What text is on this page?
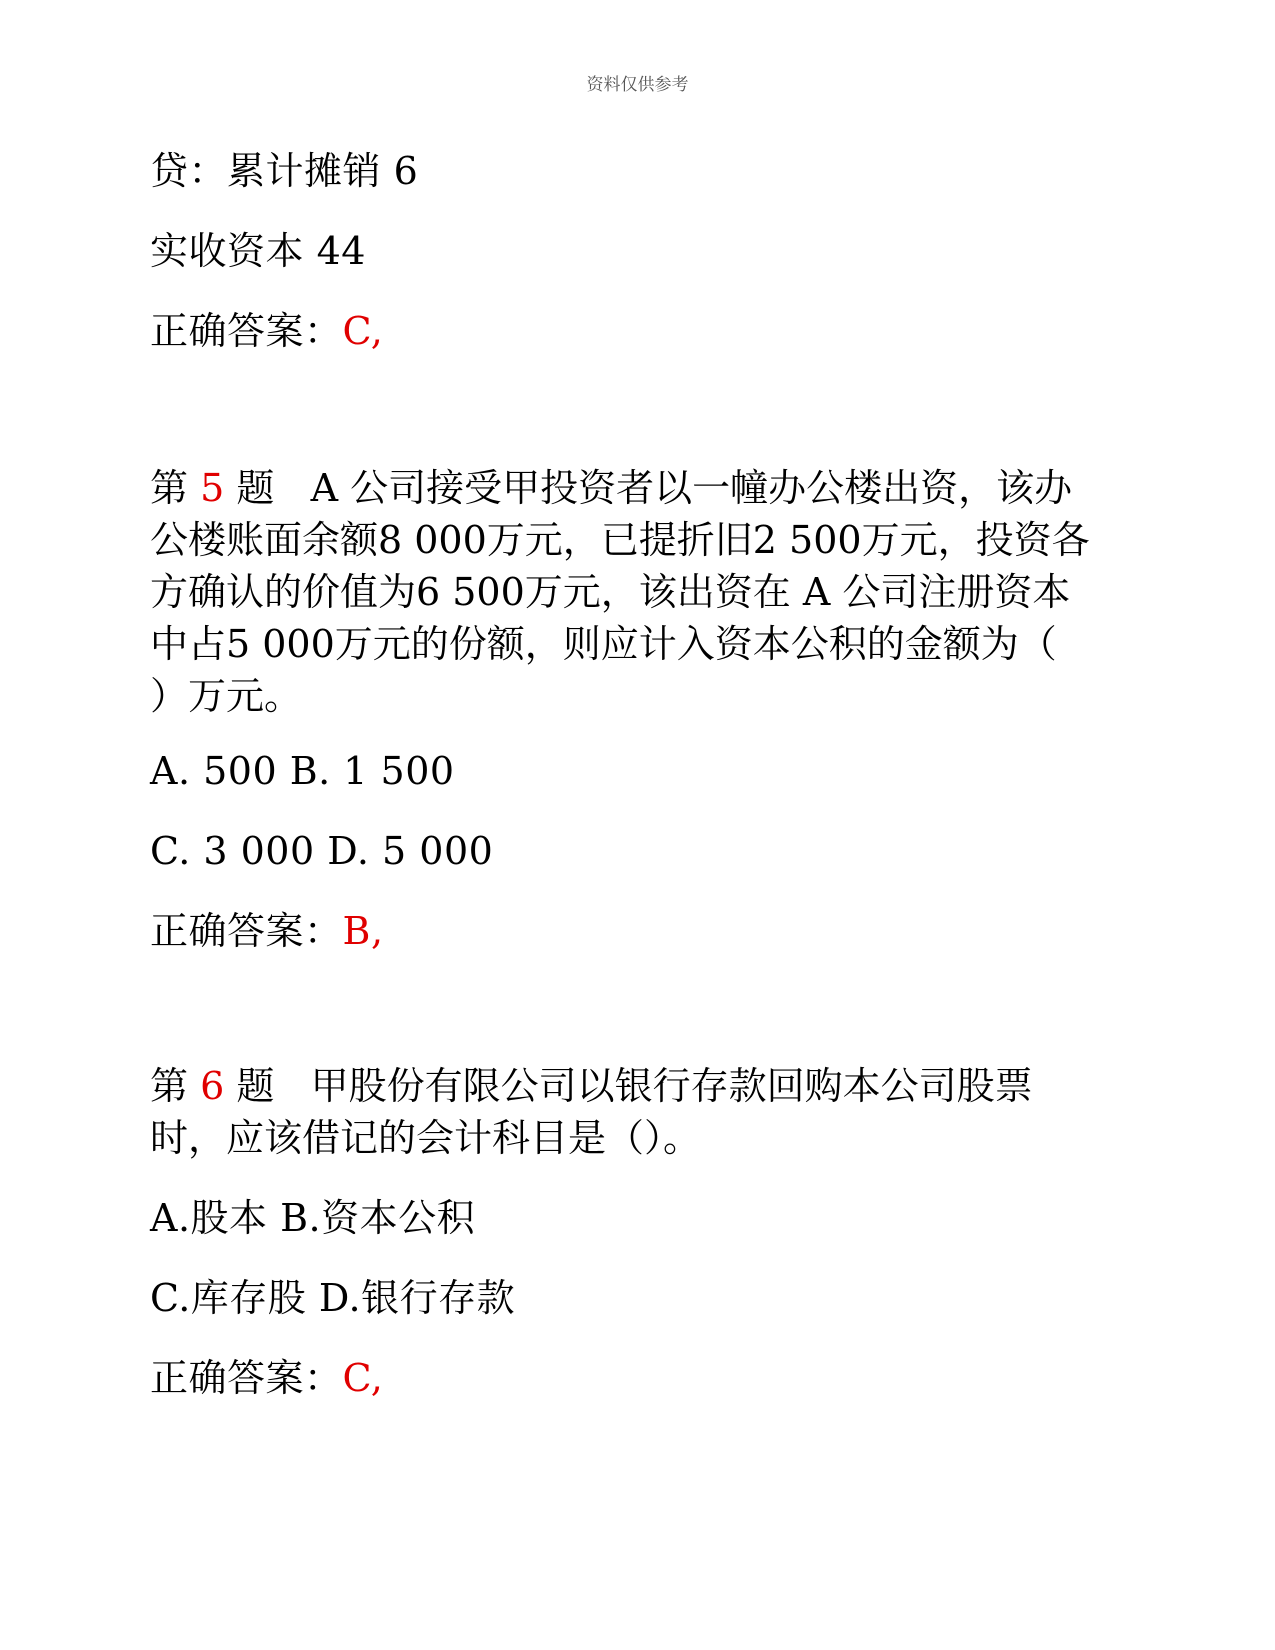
资料仅供参考
贷：累计摊销 6
实收资本 44
正确答案：C,
第 5 题 A 公司接受甲投资者以一幢办公楼出资，该办
公楼账面余额8 000万元，已提折旧2 500万元，投资各
方确认的价值为6 500万元，该出资在 A 公司注册资本
中占5 000万元的份额，则应计入资本公积的金额为（
）万元。
A. 500 B. 1 500
C. 3 000 D. 5 000
正确答案：B,
第 6 题 甲股份有限公司以银行存款回购本公司股票
时，应该借记的会计科目是（）。
A.股本 B.资本公积
C.库存股 D.银行存款
正确答案：C,
